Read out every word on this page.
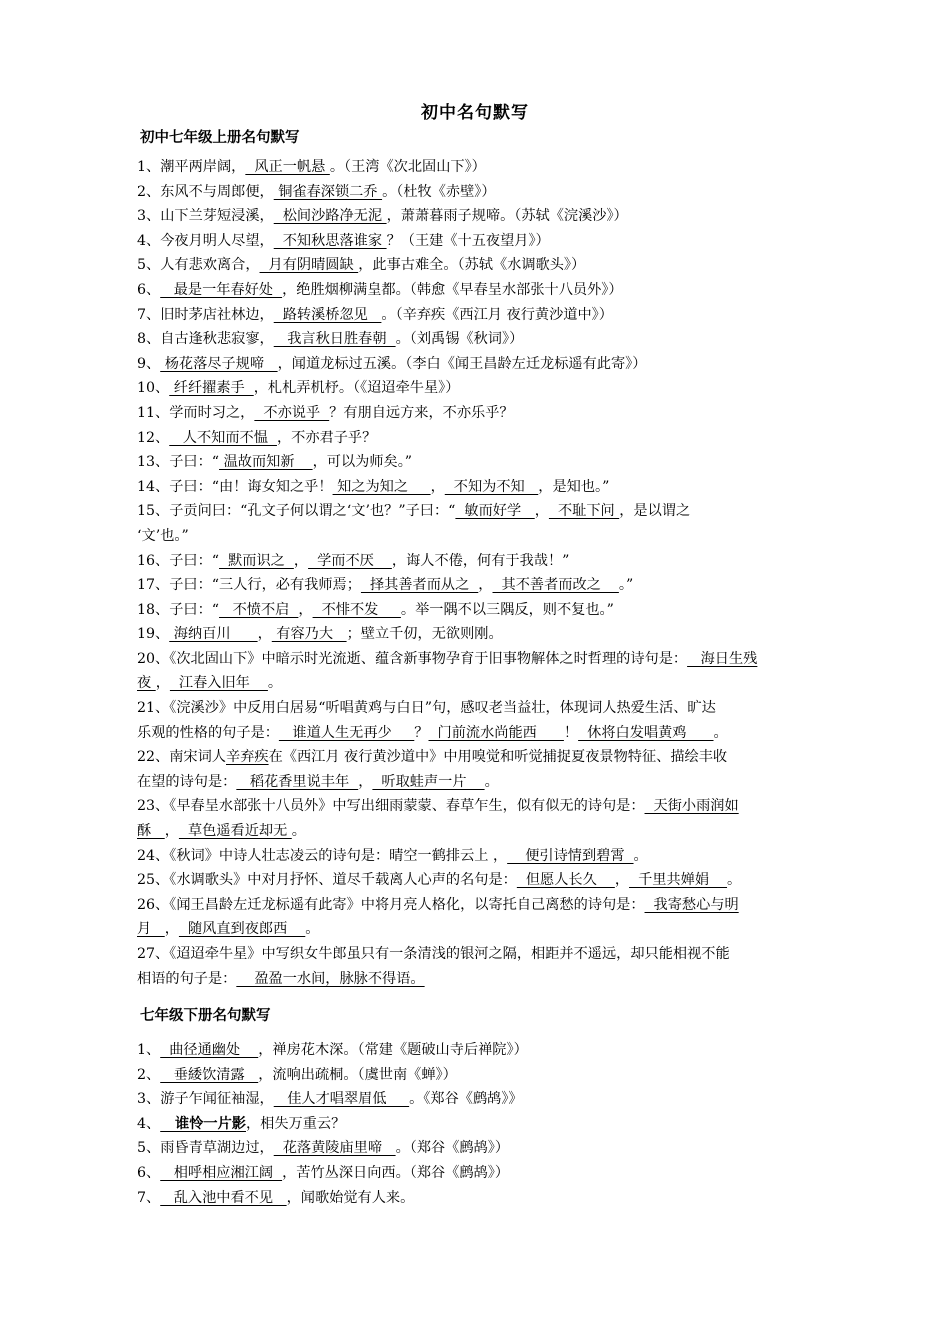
初中名句默写
初中七年级上册名句默写
1、潮平两岸阔，  风正一帆悬 。（王湾《次北固山下》）
2、东风不与周郎便， 铜雀春深锁二乔 。（杜牧《赤壁》）
3、山下兰芽短浸溪，  松间沙路净无泥 ，萧萧暮雨子规啼。（苏轼《浣溪沙》）
4、今夜月明人尽望，  不知秋思落谁家 ？（王建《十五夜望月》）
5、人有悲欢离合，  月有阴晴圆缺 ，此事古难全。（苏轼《水调歌头》）
6、   最是一年春好处  ，绝胜烟柳满皇都。（韩愈《早春呈水部张十八员外》）
7、旧时茅店社林边，  路转溪桥忽见   。（辛弃疾《西江月 夜行黄沙道中》）
8、自古逢秋悲寂寥，   我言秋日胜春朝  。（刘禹锡《秋词》）
9、 杨花落尽子规啼   ，闻道龙标过五溪。（李白《闻王昌龄左迁龙标遥有此寄》）
10、 纤纤擢素手  ，札札弄机杼。（《迢迢牵牛星》）
11、学而时习之，  不亦说乎  ？有朋自远方来，不亦乐乎？
12、   人不知而不愠  ，不亦君子乎？
13、子曰：“ 温故而知新    ，可以为师矣。”
14、子曰：“由！诲女知之乎！ 知之为知之     ，  不知为不知   ，是知也。”
15、子贡问曰：“孔文子何以谓之‘文’也？”子曰：“  敏而好学   ，  不耻下问 ，是以谓之
‘文’也。”
16、子曰：“  默而识之  ，  学而不厌    ，诲人不倦，何有于我哉！”
17、子曰：“三人行，必有我师焉；  择其善者而从之  ，  其不善者而改之    。”
18、子曰：“   不愤不启  ，  不悱不发     。举一隅不以三隅反，则不复也。”
19、 海纳百川      ， 有容乃大   ；壁立千仞，无欲则刚。
20、《次北固山下》中暗示时光流逝、蕴含新事物孕育于旧事物解体之时哲理的诗句是：   海日生残
夜 ，  江春入旧年    。
21、《浣溪沙》中反用白居易“听唱黄鸡与白日”句，感叹老当益壮，体现词人热爱生活、旷达
乐观的性格的句子是：   谁道人生无再少     ？  门前流水尚能西      ！  休将白发唱黄鸡      。
22、南宋词人辛弃疾在《西江月 夜行黄沙道中》中用嗅觉和听觉捕捉夏夜景物特征、描绘丰收
在望的诗句是：   稻花香里说丰年  ，  听取蛙声一片    。
23、《早春呈水部张十八员外》中写出细雨蒙蒙、春草乍生，似有似无的诗句是：  天街小雨润如
酥   ，  草色遥看近却无 。
24、《秋词》中诗人壮志凌云的诗句是：晴空一鹤排云上 ，    便引诗情到碧霄  。
25、《水调歌头》中对月抒怀、道尽千载离人心声的名句是：  但愿人长久    ，  千里共婵娟    。
26、《闻王昌龄左迁龙标遥有此寄》中将月亮人格化，以寄托自己离愁的诗句是：  我寄愁心与明
月   ，  随风直到夜郎西    。
27、《迢迢牵牛星》中写织女牛郎虽只有一条清浅的银河之隔，相距并不遥远，却只能相视不能
相语的句子是：    盈盈一水间，脉脉不得语。
七年级下册名句默写
1、  曲径通幽处    ，禅房花木深。（常建《题破山寺后禅院》）
2、   垂緌饮清露   ，流响出疏桐。（虞世南《蝉》）
3、游子乍闻征袖湿，   佳人才唱翠眉低     。《郑谷《鹧鸪》》
4、   谁怜一片影，相失万重云？
5、雨昏青草湖边过，  花落黄陵庙里啼   。（郑谷《鹧鸪》）
6、   相呼相应湘江阔  ，苦竹丛深日向西。（郑谷《鹧鸪》）
7、   乱入池中看不见   ，闻歌始觉有人来。
